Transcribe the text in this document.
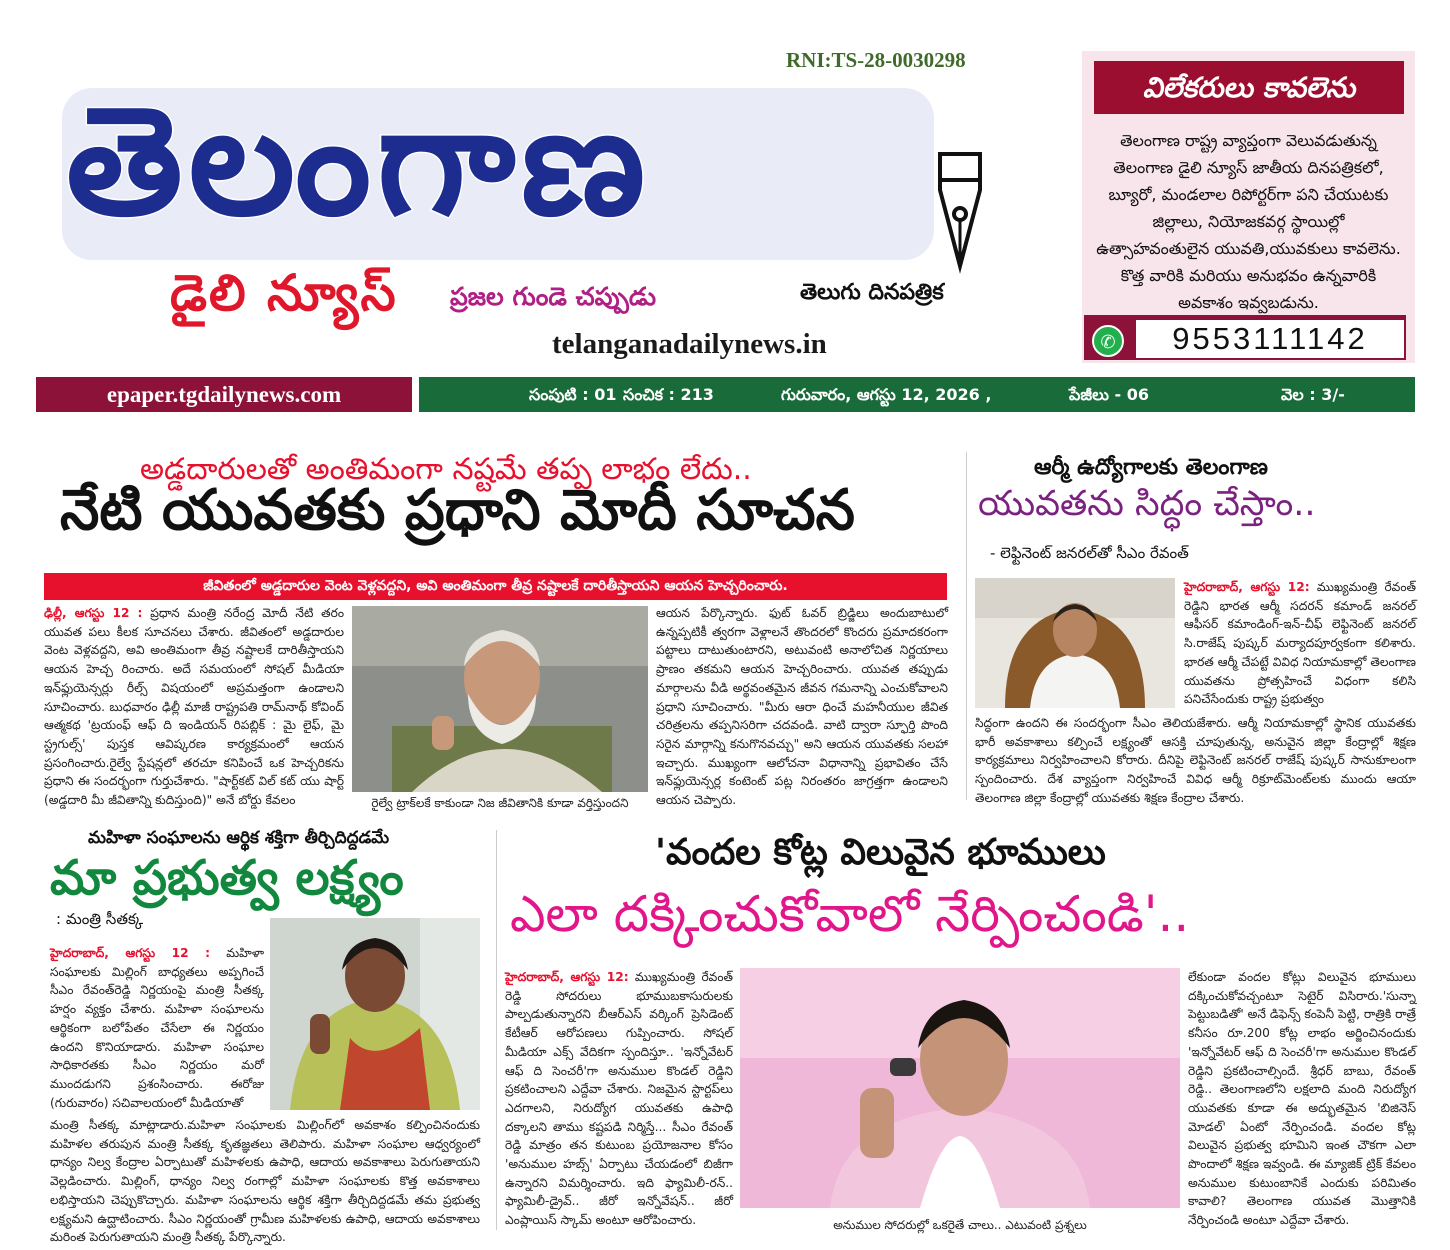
RNI:TS-28-0030298
తెలంగాణ
డైలి న్యూస్ ప్రజల గుండె చప్పుడు	తెలుగు దినపత్రిక
telanganadailynews.in
విలేకరులు కావలెను
తెలంగాణ రాష్ట్ర వ్యాప్తంగా వెలువడుతున్న తెలంగాణ డైలి న్యూస్ జాతీయ దినపత్రికలో, బ్యూరో, మండలాల రిపోర్టర్‌గా పని చేయుటకు జిల్లాలు, నియోజకవర్గ స్థాయిల్లో ఉత్సాహవంతులైన యువతి,యువకులు కావలెను. కొత్త వారికి మరియు అనుభవం ఉన్నవారికి అవకాశం ఇవ్వబడును.
✆	9553111142
epaper.tgdailynews.com	సంపుటి : 01 సంచిక : 213	గురువారం, ఆగస్టు 12, 2026 ,	పేజీలు - 06	వెల : 3/-
అడ్డదారులతో అంతిమంగా నష్టమే తప్ప లాభం లేదు..
నేటి యువతకు ప్రధాని మోదీ సూచన
జీవితంలో అడ్డదారుల వెంట వెళ్లవద్దని, అవి అంతిమంగా తీవ్ర నష్టాలకే దారితీస్తాయని ఆయన హెచ్చరించారు.
ఢిల్లీ, ఆగస్టు 12 : ప్రధాన మంత్రి నరేంద్ర మోదీ నేటి తరం యువత పలు కీలక సూచనలు చేశారు. జీవితంలో అడ్డదారుల వెంట వెళ్లవద్దని, అవి అంతిమంగా తీవ్ర నష్టాలకే దారితీస్తాయని ఆయన హెచ్చ రించారు. అదే సమయంలో సోషల్ మీడియా ఇన్‌ఫ్లుయెన్సర్లు రీల్స్ విషయంలో అప్రమత్తంగా ఉండాలని సూచించారు. బుధవారం ఢిల్లీ మాజీ రాష్ట్రపతి రామ్‌నాథ్ కోవింద్ ఆత్మకథ 'ట్రయంఫ్ ఆఫ్ ది ఇండియన్ రిపబ్లిక్ : మై లైఫ్, మై స్ట్రగుల్స్' పుస్తక ఆవిష్కరణ కార్యక్రమంలో ఆయన ప్రసంగించారు.రైల్వే స్టేషన్లలో తరచూ కనిపించే ఒక హెచ్చరికను ప్రధాని ఈ సందర్భంగా గుర్తుచేశారు. "షార్ట్‌కట్ విల్ కట్ యు షార్ట్ (అడ్డదారి మీ జీవితాన్ని కుదిస్తుంది)" అనే బోర్డు కేవలం	రైల్వే ట్రాక్‌లకే కాకుండా నిజ జీవితానికి కూడా వర్తిస్తుందని
ఆయన పేర్కొన్నారు. ఫుట్ ఓవర్ బ్రిడ్జిలు అందుబాటులో ఉన్నప్పటికీ త్వరగా వెళ్లాలనే తొందరలో కొందరు ప్రమాదకరంగా పట్టాలు దాటుతుంటారని, అటువంటి అనాలోచిత నిర్ణయాలు ప్రాణం తకమని ఆయన హెచ్చరించారు. యువత తప్పుడు మార్గాలను వీడి అర్థవంతమైన జీవన గమనాన్ని ఎంచుకోవాలని ప్రధాని సూచించారు. "మీరు ఆరా ధించే మహనీయుల జీవిత చరిత్రలను తప్పనిసరిగా చదవండి. వాటి ద్వారా స్ఫూర్తి పొంది సరైన మార్గాన్ని కనుగొనవచ్చు" అని ఆయన యువతకు సలహా ఇచ్చారు. ముఖ్యంగా ఆలోచనా విధానాన్ని ప్రభావితం చేసే ఇన్‌ఫ్లుయెన్సర్ల కంటెంట్ పట్ల నిరంతరం జాగ్రత్తగా ఉండాలని ఆయన చెప్పారు.
ఆర్మీ ఉద్యోగాలకు తెలంగాణ
యువతను సిద్ధం చేస్తాం..
- లెఫ్టినెంట్ జనరల్‌తో సీఎం రేవంత్
హైదరాబాద్, ఆగస్టు 12: ముఖ్యమంత్రి రేవంత్ రెడ్డిని భారత ఆర్మీ సదరన్ కమాండ్ జనరల్ ఆఫీసర్ కమాండింగ్-ఇన్-చీఫ్ లెఫ్టినెంట్ జనరల్ సి.రాజేష్ పుష్కర్ మర్యాదపూర్వకంగా కలిశారు. భారత ఆర్మీ చేపట్టే వివిధ నియామకాల్లో తెలంగాణ యువతను ప్రోత్సహించే విధంగా కలిసి పనిచేసేందుకు రాష్ట్ర ప్రభుత్వం
సిద్ధంగా ఉందని ఈ సందర్భంగా సీఎం తెలియజేశారు. ఆర్మీ నియామకాల్లో స్థానిక యువతకు భారీ అవకాశాలు కల్పించే లక్ష్యంతో ఆసక్తి చూపుతున్న, అనువైన జిల్లా కేంద్రాల్లో శిక్షణ కార్యక్రమాలు నిర్వహించాలని కోరారు. దీనిపై లెఫ్టినెంట్ జనరల్ రాజేష్ పుష్కర్ సానుకూలంగా స్పందించారు. దేశ వ్యాప్తంగా నిర్వహించే వివిధ ఆర్మీ రిక్రూట్‌మెంట్‌లకు ముందు ఆయా తెలంగాణ జిల్లా కేంద్రాల్లో యువతకు శిక్షణ కేంద్రాల చేశారు.
మహిళా సంఘాలను ఆర్థిక శక్తిగా తీర్చిదిద్దడమే
మా ప్రభుత్వ లక్ష్యం
: మంత్రి సీతక్క
హైదరాబాద్, ఆగస్టు 12 : మహిళా సంఘాలకు మిల్లింగ్ బాధ్యతలు అప్పగించే సీఎం రేవంత్‌రెడ్డి నిర్ణయంపై మంత్రి సీతక్క హర్షం వ్యక్తం చేశారు. మహిళా సంఘాలను ఆర్థికంగా బలోపేతం చేసేలా ఈ నిర్ణయం ఉందని కొనియాడారు. మహిళా సంఘాల సాధికారతకు సీఎం నిర్ణయం మరో ముందడుగని ప్రశంసించారు. ఈరోజు (గురువారం) సచివాలయంలో మీడియాతో
మంత్రి సీతక్క మాట్లాడారు.మహిళా సంఘాలకు మిల్లింగ్‌లో అవకాశం కల్పించినందుకు మహిళల తరుపున మంత్రి సీతక్క కృతజ్ఞతలు తెలిపారు. మహిళా సంఘాల ఆధ్వర్యంలో ధాన్యం నిల్వ కేంద్రాల ఏర్పాటుతో మహిళలకు ఉపాధి, ఆదాయ అవకాశాలు పెరుగుతాయని వెల్లడించారు. మిల్లింగ్, ధాన్యం నిల్వ రంగాల్లో మహిళా సంఘాలకు కొత్త అవకాశాలు లభిస్తాయని చెప్పుకొచ్చారు. మహిళా సంఘాలను ఆర్థిక శక్తిగా తీర్చిదిద్దడమే తమ ప్రభుత్వ లక్ష్యమని ఉద్ఘాటించారు. సీఎం నిర్ణయంతో గ్రామీణ మహిళలకు ఉపాధి, ఆదాయ అవకాశాలు మరింత పెరుగుతాయని మంత్రి సీతక్క పేర్కొన్నారు.
'వందల కోట్ల విలువైన భూములు
ఎలా దక్కించుకోవాలో నేర్పించండి'..
హైదరాబాద్, ఆగస్టు 12: ముఖ్యమంత్రి రేవంత్ రెడ్డి సోదరులు భూముబకాసురులకు పాల్పడుతున్నారని బీఆర్ఎస్ వర్కింగ్ ప్రెసిడెంట్ కేటీఆర్ ఆరోపణలు గుప్పించారు. సోషల్ మీడియా ఎక్స్ వేదికగా స్పందిస్తూ.. 'ఇన్నోవేటర్ ఆఫ్ ది సెంచరీ'గా అనుముల కొండల్ రెడ్డిని ప్రకటించాలని ఎద్దేవా చేశారు. నిజమైన స్టార్టప్‌లు ఎదగాలని, నిరుద్యోగ యువతకు ఉపాధి దక్కాలని తాము కష్టపడి నిర్మిస్తే... సీఎం రేవంత్ రెడ్డి మాత్రం తన కుటుంబ ప్రయోజనాల కోసం 'అనుముల హబ్స్' ఏర్పాటు చేయడంలో బిజీగా ఉన్నారని విమర్శించారు. ఇది ఫ్యామిలీ-రన్.. ఫ్యామిలీ-డ్రైవ్.. జీరో ఇన్నోవేషన్.. జీరో ఎంప్లాయిస్ స్కామ్ అంటూ ఆరోపించారు.	అనుముల సోదరుల్లో ఒకరైతే చాలు.. ఎటువంటి ప్రశ్నలు
లేకుండా వందల కోట్లు విలువైన భూములు దక్కించుకోవచ్చంటూ సెటైర్ విసిరారు.'సున్నా పెట్టుబడితో' అనే డిఫెన్స్ కంపెనీ పెట్టి, రాత్రికి రాత్రే కనీసం రూ.200 కోట్ల లాభం అర్జించినందుకు 'ఇన్నోవేటర్ ఆఫ్ ది సెంచరీ'గా అనుముల కొండల్ రెడ్డిని ప్రకటించాల్సిందే. శ్రీధర్ బాబు, రేవంత్ రెడ్డి.. తెలంగాణలోని లక్షలాది మంది నిరుద్యోగ యువతకు కూడా ఈ అద్భుతమైన 'బిజినెస్ మోడల్' ఏంటో నేర్పించండి. వందల కోట్ల విలువైన ప్రభుత్వ భూమిని ఇంత చౌకగా ఎలా పొందాలో శిక్షణ ఇవ్వండి. ఈ మ్యాజిక్ ట్రిక్ కేవలం అనుముల కుటుంబానికే ఎందుకు పరిమితం కావాలి? తెలంగాణ యువత మొత్తానికి నేర్పించండి అంటూ ఎద్దేవా చేశారు.
